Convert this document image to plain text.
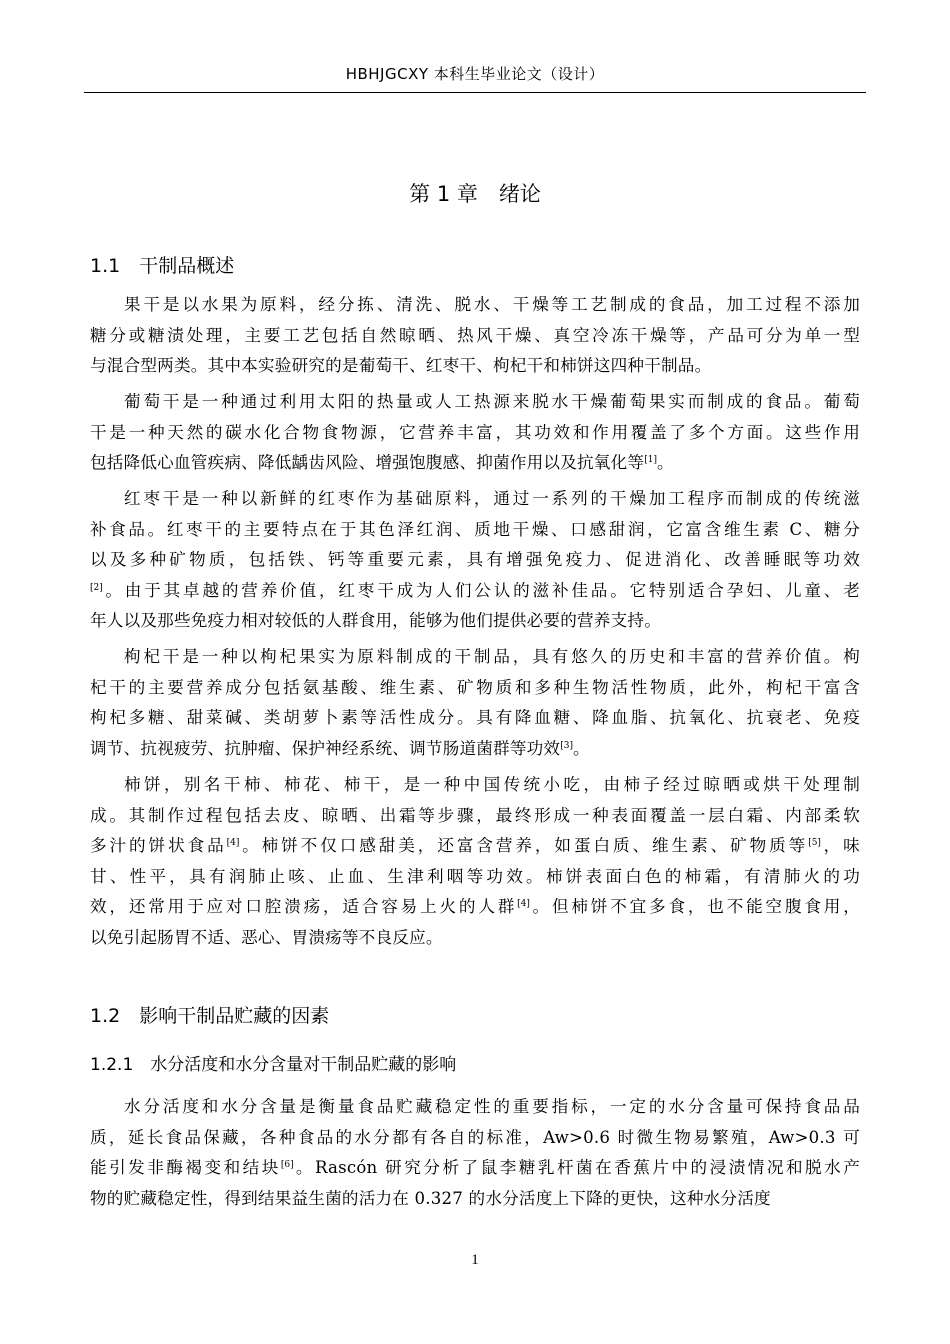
HBHJGCXY 本科生毕业论文（设计）
第 1 章　绪论
1.1　干制品概述
果干是以水果为原料，经分拣、清洗、脱水、干燥等工艺制成的食品，加工过程不添加
糖分或糖渍处理，主要工艺包括自然晾晒、热风干燥、真空冷冻干燥等，产品可分为单一型
与混合型两类。其中本实验研究的是葡萄干、红枣干、枸杞干和柿饼这四种干制品。
葡萄干是一种通过利用太阳的热量或人工热源来脱水干燥葡萄果实而制成的食品。葡萄
干是一种天然的碳水化合物食物源，它营养丰富，其功效和作用覆盖了多个方面。这些作用
包括降低心血管疾病、降低龋齿风险、增强饱腹感、抑菌作用以及抗氧化等[1]。
红枣干是一种以新鲜的红枣作为基础原料，通过一系列的干燥加工程序而制成的传统滋
补食品。红枣干的主要特点在于其色泽红润、质地干燥、口感甜润，它富含维生素 C、糖分
以及多种矿物质，包括铁、钙等重要元素，具有增强免疫力、促进消化、改善睡眠等功效
[2]。由于其卓越的营养价值，红枣干成为人们公认的滋补佳品。它特别适合孕妇、儿童、老
年人以及那些免疫力相对较低的人群食用，能够为他们提供必要的营养支持。
枸杞干是一种以枸杞果实为原料制成的干制品，具有悠久的历史和丰富的营养价值。枸
杞干的主要营养成分包括氨基酸、维生素、矿物质和多种生物活性物质，此外，枸杞干富含
枸杞多糖、甜菜碱、类胡萝卜素等活性成分。具有降血糖、降血脂、抗氧化、抗衰老、免疫
调节、抗视疲劳、抗肿瘤、保护神经系统、调节肠道菌群等功效[3]。
柿饼，别名干柿、柿花、柿干，是一种中国传统小吃，由柿子经过晾晒或烘干处理制
成。其制作过程包括去皮、晾晒、出霜等步骤，最终形成一种表面覆盖一层白霜、内部柔软
多汁的饼状食品[4]。柿饼不仅口感甜美，还富含营养，如蛋白质、维生素、矿物质等[5]，味
甘、性平，具有润肺止咳、止血、生津利咽等功效。柿饼表面白色的柿霜，有清肺火的功
效，还常用于应对口腔溃疡，适合容易上火的人群[4]。但柿饼不宜多食，也不能空腹食用，
以免引起肠胃不适、恶心、胃溃疡等不良反应。
1.2　影响干制品贮藏的因素
1.2.1　水分活度和水分含量对干制品贮藏的影响
水分活度和水分含量是衡量食品贮藏稳定性的重要指标，一定的水分含量可保持食品品
质，延长食品保藏，各种食品的水分都有各自的标准，Aw>0.6 时微生物易繁殖，Aw>0.3 可
能引发非酶褐变和结块[6]。Rascón 研究分析了鼠李糖乳杆菌在香蕉片中的浸渍情况和脱水产
物的贮藏稳定性，得到结果益生菌的活力在 0.327 的水分活度上下降的更快，这种水分活度
1
